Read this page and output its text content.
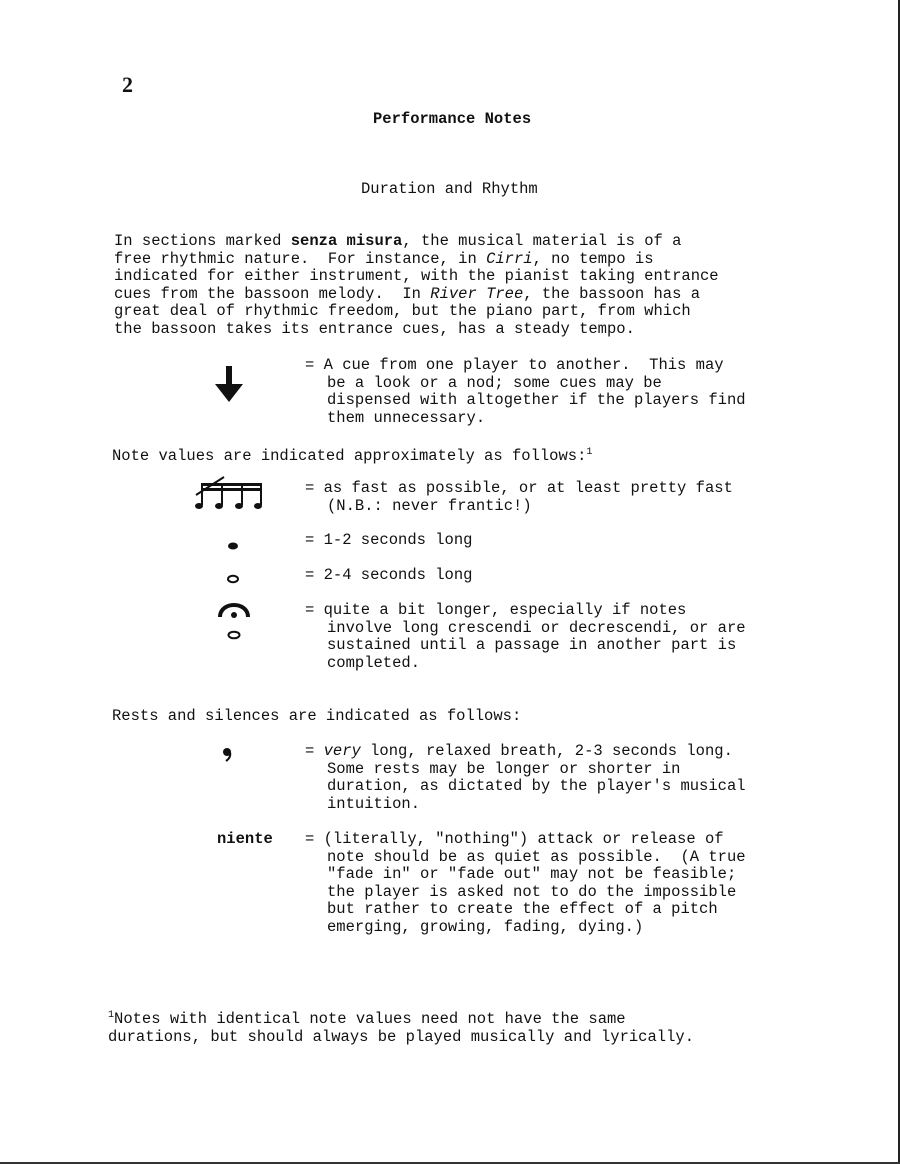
2
Performance Notes
Duration and Rhythm
In sections marked senza misura, the musical material is of a
free rhythmic nature.  For instance, in Cirri, no tempo is
indicated for either instrument, with the pianist taking entrance
cues from the bassoon melody.  In River Tree, the bassoon has a
great deal of rhythmic freedom, but the piano part, from which
the bassoon takes its entrance cues, has a steady tempo.
= A cue from one player to another.  This may
be a look or a nod; some cues may be
dispensed with altogether if the players find
them unnecessary.
Note values are indicated approximately as follows:$^1$
= as fast as possible, or at least pretty fast
(N.B.: never frantic!)
= 1-2 seconds long
= 2-4 seconds long
= quite a bit longer, especially if notes
involve long crescendi or decrescendi, or are
sustained until a passage in another part is
completed.
Rests and silences are indicated as follows:
= very long, relaxed breath, 2-3 seconds long.
Some rests may be longer or shorter in
duration, as dictated by the player's musical
intuition.
niente = (literally, "nothing") attack or release of
note should be as quiet as possible.  (A true
"fade in" or "fade out" may not be feasible;
the player is asked not to do the impossible
but rather to create the effect of a pitch
emerging, growing, fading, dying.)
$^1$Notes with identical note values need not have the same
durations, but should always be played musically and lyrically.
